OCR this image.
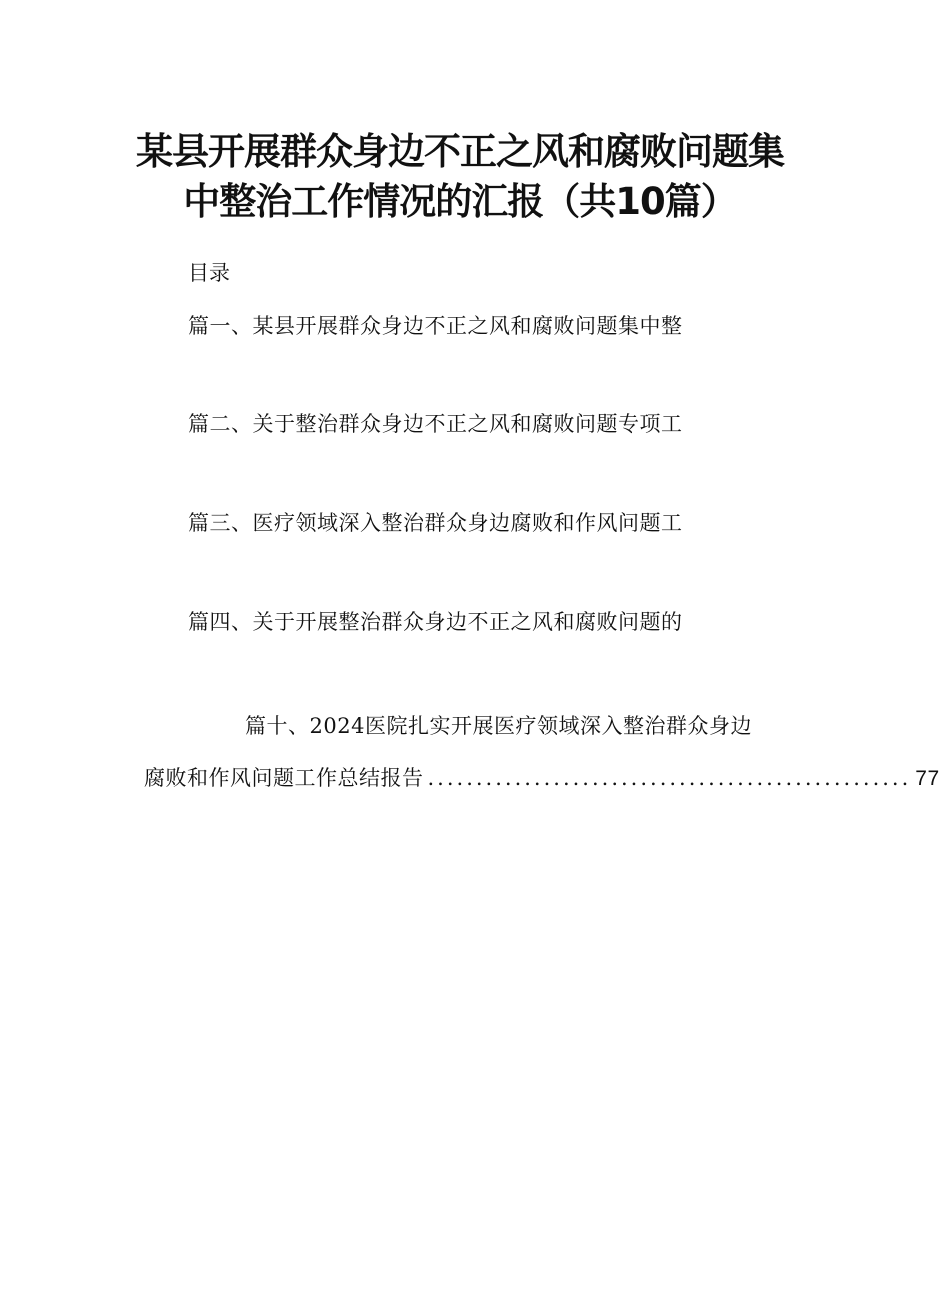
某县开展群众身边不正之风和腐败问题集
中整治工作情况的汇报（共10篇）
目录
篇一、某县开展群众身边不正之风和腐败问题集中整
篇二、关于整治群众身边不正之风和腐败问题专项工
篇三、医疗领域深入整治群众身边腐败和作风问题工
篇四、关于开展整治群众身边不正之风和腐败问题的
篇十、2024医院扎实开展医疗领域深入整治群众身边
腐败和作风问题工作总结报告 .................................................. 77
